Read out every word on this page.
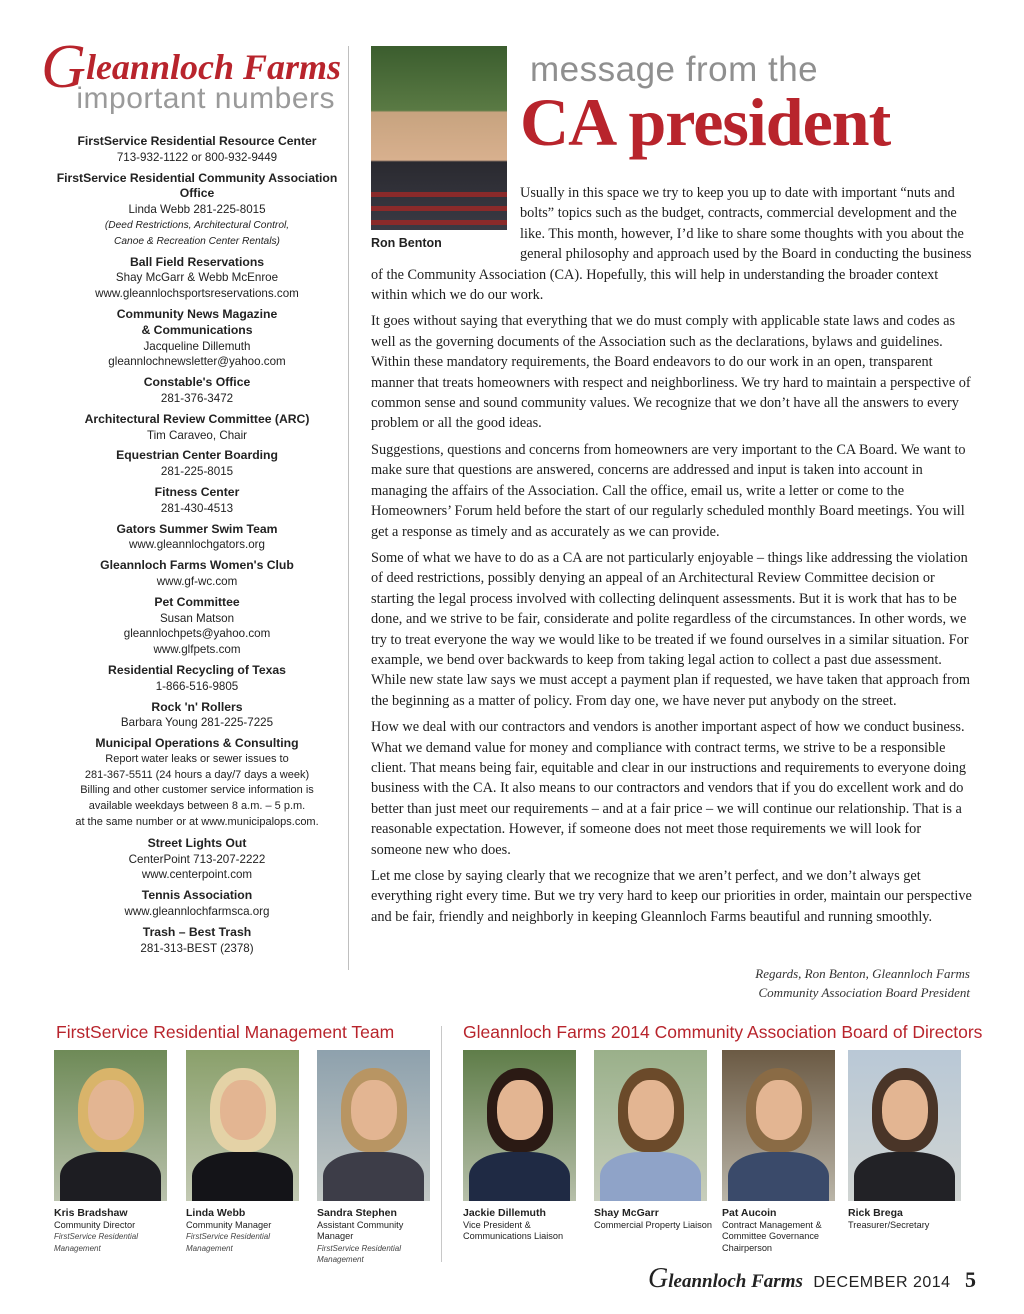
Gleannloch Farms
important numbers
FirstService Residential Resource Center
713-932-1122 or 800-932-9449
FirstService Residential Community Association Office
Linda Webb 281-225-8015
(Deed Restrictions, Architectural Control,
Canoe & Recreation Center Rentals)
Ball Field Reservations
Shay McGarr & Webb McEnroe
www.gleannlochsportsreservations.com
Community News Magazine
& Communications
Jacqueline Dillemuth
gleannlochnewsletter@yahoo.com
Constable's Office
281-376-3472
Architectural Review Committee (ARC)
Tim Caraveo, Chair
Equestrian Center Boarding
281-225-8015
Fitness Center
281-430-4513
Gators Summer Swim Team
www.gleannlochgators.org
Gleannloch Farms Women's Club
www.gf-wc.com
Pet Committee
Susan Matson
gleannlochpets@yahoo.com
www.glfpets.com
Residential Recycling of Texas
1-866-516-9805
Rock 'n' Rollers
Barbara Young 281-225-7225
Municipal Operations & Consulting
Report water leaks or sewer issues to
281-367-5511 (24 hours a day/7 days a week)
Billing and other customer service information is
available weekdays between 8 a.m. – 5 p.m.
at the same number or at www.municipalops.com.
Street Lights Out
CenterPoint 713-207-2222
www.centerpoint.com
Tennis Association
www.gleannlochfarmsca.org
Trash – Best Trash
281-313-BEST (2378)
Ron Benton
message from the
CA president

Usually in this space we try to keep you up to date with important “nuts and bolts” topics such as the budget, contracts, commercial development and the like. This month, however, I’d like to share some thoughts with you about the general philosophy and approach used by the Board in conducting the business of the Community Association (CA). Hopefully, this will help in understanding the broader context within which we do our work.

It goes without saying that everything that we do must comply with applicable state laws and codes as well as the governing documents of the Association such as the declarations, bylaws and guidelines. Within these mandatory requirements, the Board endeavors to do our work in an open, transparent manner that treats homeowners with respect and neighborliness. We try hard to maintain a perspective of common sense and sound community values. We recognize that we don’t have all the answers to every problem or all the good ideas.

Suggestions, questions and concerns from homeowners are very important to the CA Board. We want to make sure that questions are answered, concerns are addressed and input is taken into account in managing the affairs of the Association. Call the office, email us, write a letter or come to the Homeowners’ Forum held before the start of our regularly scheduled monthly Board meetings. You will get a response as timely and as accurately as we can provide.

Some of what we have to do as a CA are not particularly enjoyable – things like addressing the violation of deed restrictions, possibly denying an appeal of an Architectural Review Committee decision or starting the legal process involved with collecting delinquent assessments. But it is work that has to be done, and we strive to be fair, considerate and polite regardless of the circumstances. In other words, we try to treat everyone the way we would like to be treated if we found ourselves in a similar situation. For example, we bend over backwards to keep from taking legal action to collect a past due assessment. While new state law says we must accept a payment plan if requested, we have taken that approach from the beginning as a matter of policy. From day one, we have never put anybody on the street.

How we deal with our contractors and vendors is another important aspect of how we conduct business. What we demand value for money and compliance with contract terms, we strive to be a responsible client. That means being fair, equitable and clear in our instructions and requirements to everyone doing business with the CA. It also means to our contractors and vendors that if you do excellent work and do better than just meet our requirements – and at a fair price – we will continue our relationship. That is a reasonable expectation. However, if someone does not meet those requirements we will look for someone new who does.

Let me close by saying clearly that we recognize that we aren’t perfect, and we don’t always get everything right every time. But we try very hard to keep our priorities in order, maintain our perspective and be fair, friendly and neighborly in keeping Gleannloch Farms beautiful and running smoothly.

Regards, Ron Benton, Gleannloch Farms
Community Association Board President
FirstService Residential Management Team	Gleannloch Farms 2014 Community Association Board of Directors
Kris Bradshaw
Community Director
FirstService Residential
Management
Linda Webb
Community Manager
FirstService Residential
Management
Sandra Stephen
Assistant Community Manager
FirstService Residential
Management
Jackie Dillemuth
Vice President &
Communications Liaison
Shay McGarr
Commercial Property Liaison
Pat Aucoin
Contract Management &
Committee Governance
Chairperson
Rick Brega
Treasurer/Secretary
Gleannloch Farms DECEMBER 2014 5
